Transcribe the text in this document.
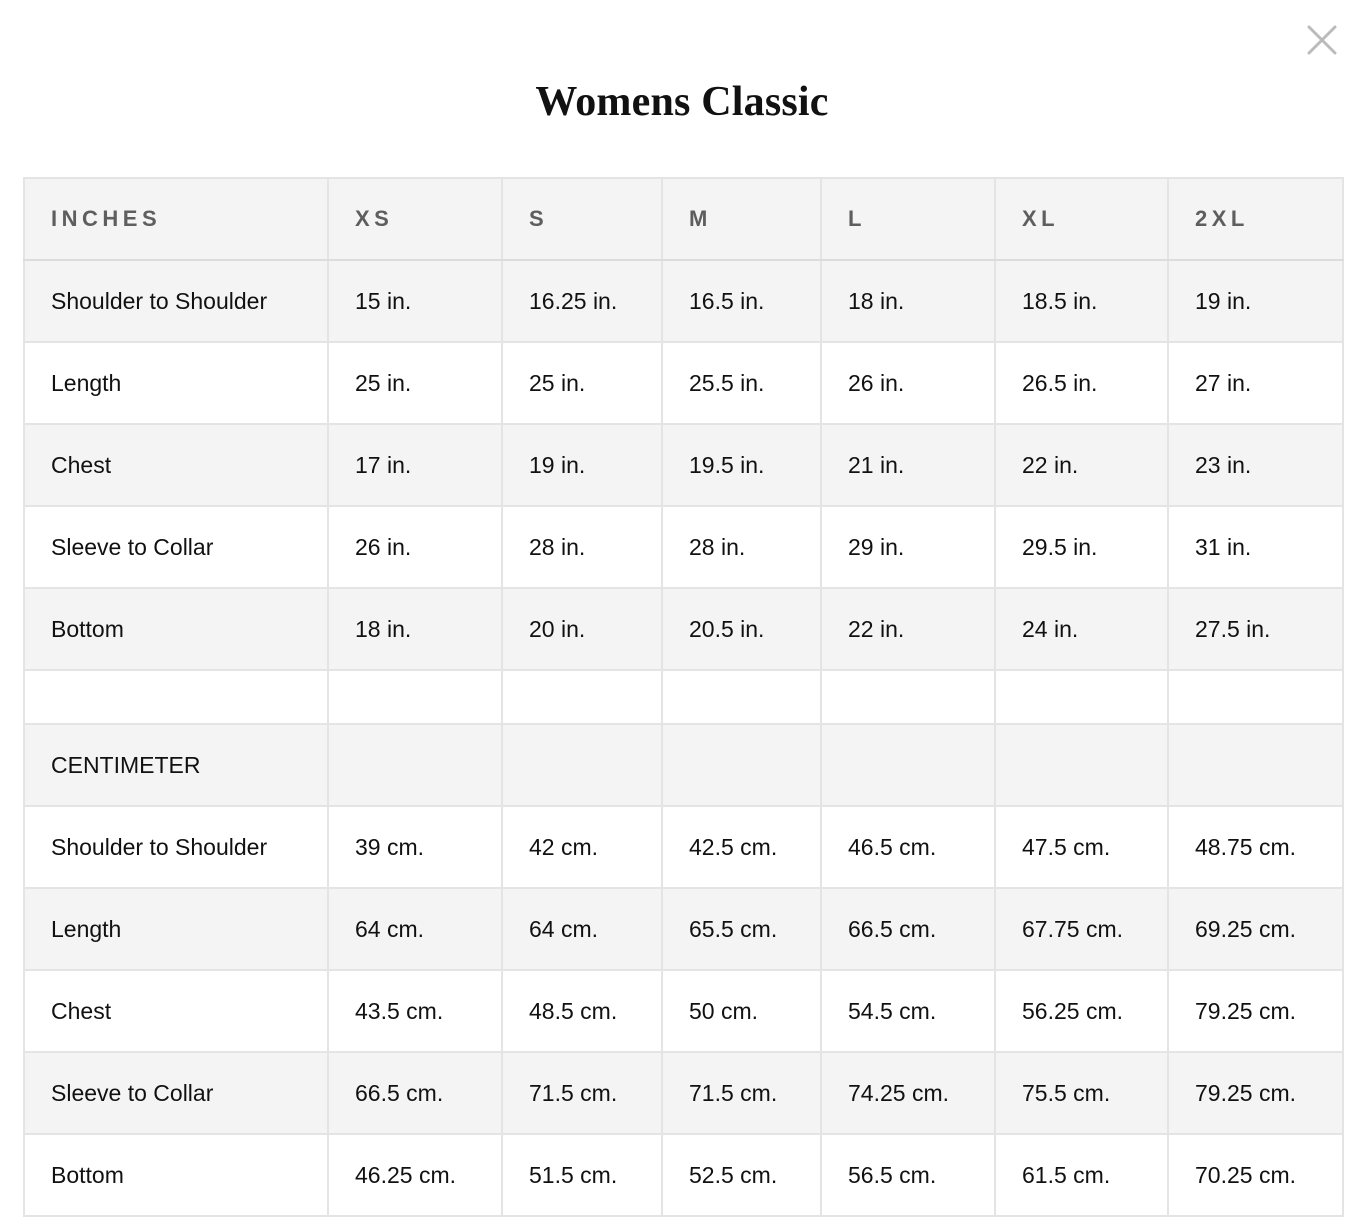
Womens Classic
INCHES	XS	S	M	L	XL	2XL
Shoulder to Shoulder	15 in.	16.25 in.	16.5 in.	18 in.	18.5 in.	19 in.
Length	25 in.	25 in.	25.5 in.	26 in.	26.5 in.	27 in.
Chest	17 in.	19 in.	19.5 in.	21 in.	22 in.	23 in.
Sleeve to Collar	26 in.	28 in.	28 in.	29 in.	29.5 in.	31 in.
Bottom	18 in.	20 in.	20.5 in.	22 in.	24 in.	27.5 in.

CENTIMETER						
Shoulder to Shoulder	39 cm.	42 cm.	42.5 cm.	46.5 cm.	47.5 cm.	48.75 cm.
Length	64 cm.	64 cm.	65.5 cm.	66.5 cm.	67.75 cm.	69.25 cm.
Chest	43.5 cm.	48.5 cm.	50 cm.	54.5 cm.	56.25 cm.	79.25 cm.
Sleeve to Collar	66.5 cm.	71.5 cm.	71.5 cm.	74.25 cm.	75.5 cm.	79.25 cm.
Bottom	46.25 cm.	51.5 cm.	52.5 cm.	56.5 cm.	61.5 cm.	70.25 cm.
